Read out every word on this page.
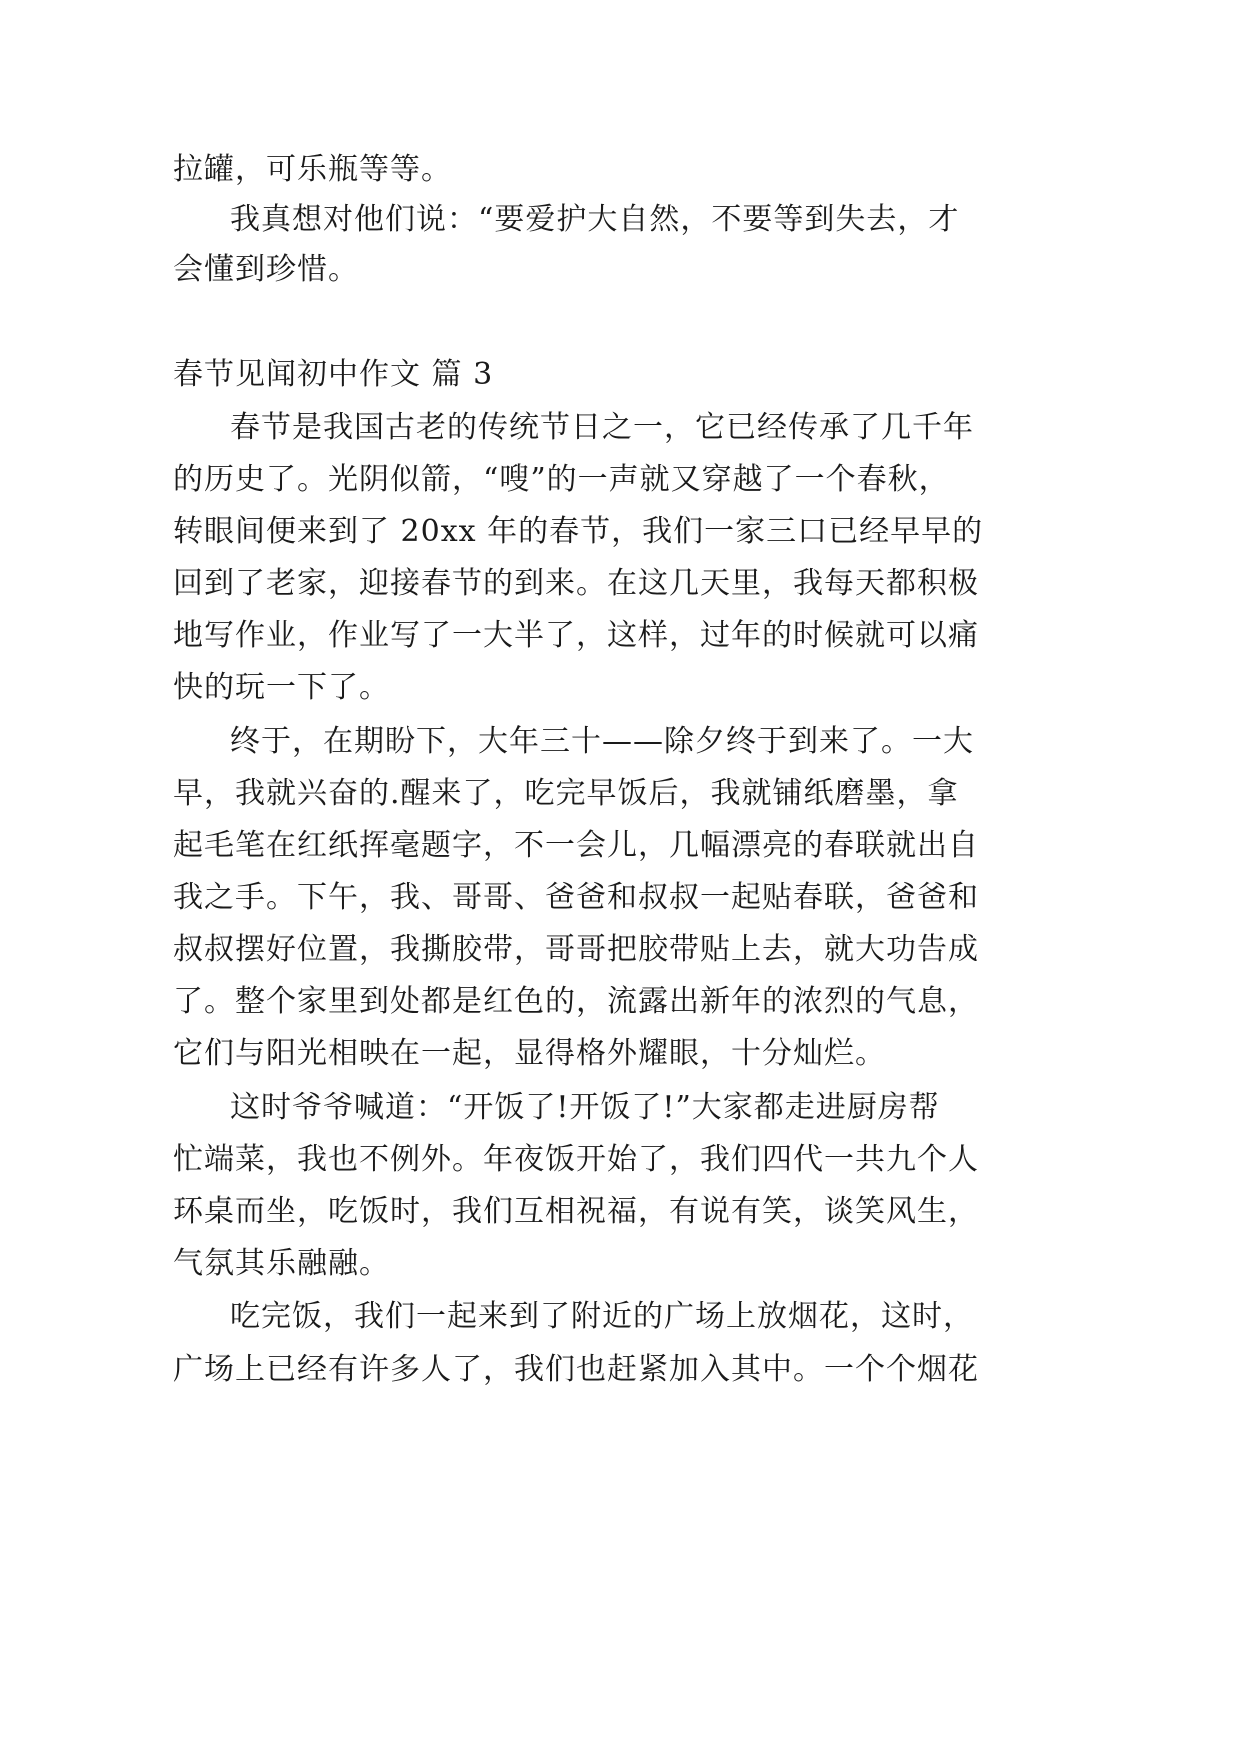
拉罐，可乐瓶等等。
我真想对他们说：“要爱护大自然，不要等到失去，才
会懂到珍惜。
春节见闻初中作文 篇 3
春节是我国古老的传统节日之一，它已经传承了几千年
的历史了。光阴似箭，“嗖”的一声就又穿越了一个春秋，
转眼间便来到了 20xx 年的春节，我们一家三口已经早早的
回到了老家，迎接春节的到来。在这几天里，我每天都积极
地写作业，作业写了一大半了，这样，过年的时候就可以痛
快的玩一下了。
终于，在期盼下，大年三十——除夕终于到来了。一大
早，我就兴奋的.醒来了，吃完早饭后，我就铺纸磨墨，拿
起毛笔在红纸挥毫题字，不一会儿，几幅漂亮的春联就出自
我之手。下午，我、哥哥、爸爸和叔叔一起贴春联，爸爸和
叔叔摆好位置，我撕胶带，哥哥把胶带贴上去，就大功告成
了。整个家里到处都是红色的，流露出新年的浓烈的气息，
它们与阳光相映在一起，显得格外耀眼，十分灿烂。
这时爷爷喊道：“开饭了!开饭了!”大家都走进厨房帮
忙端菜，我也不例外。年夜饭开始了，我们四代一共九个人
环桌而坐，吃饭时，我们互相祝福，有说有笑，谈笑风生，
气氛其乐融融。
吃完饭，我们一起来到了附近的广场上放烟花，这时，
广场上已经有许多人了，我们也赶紧加入其中。一个个烟花
